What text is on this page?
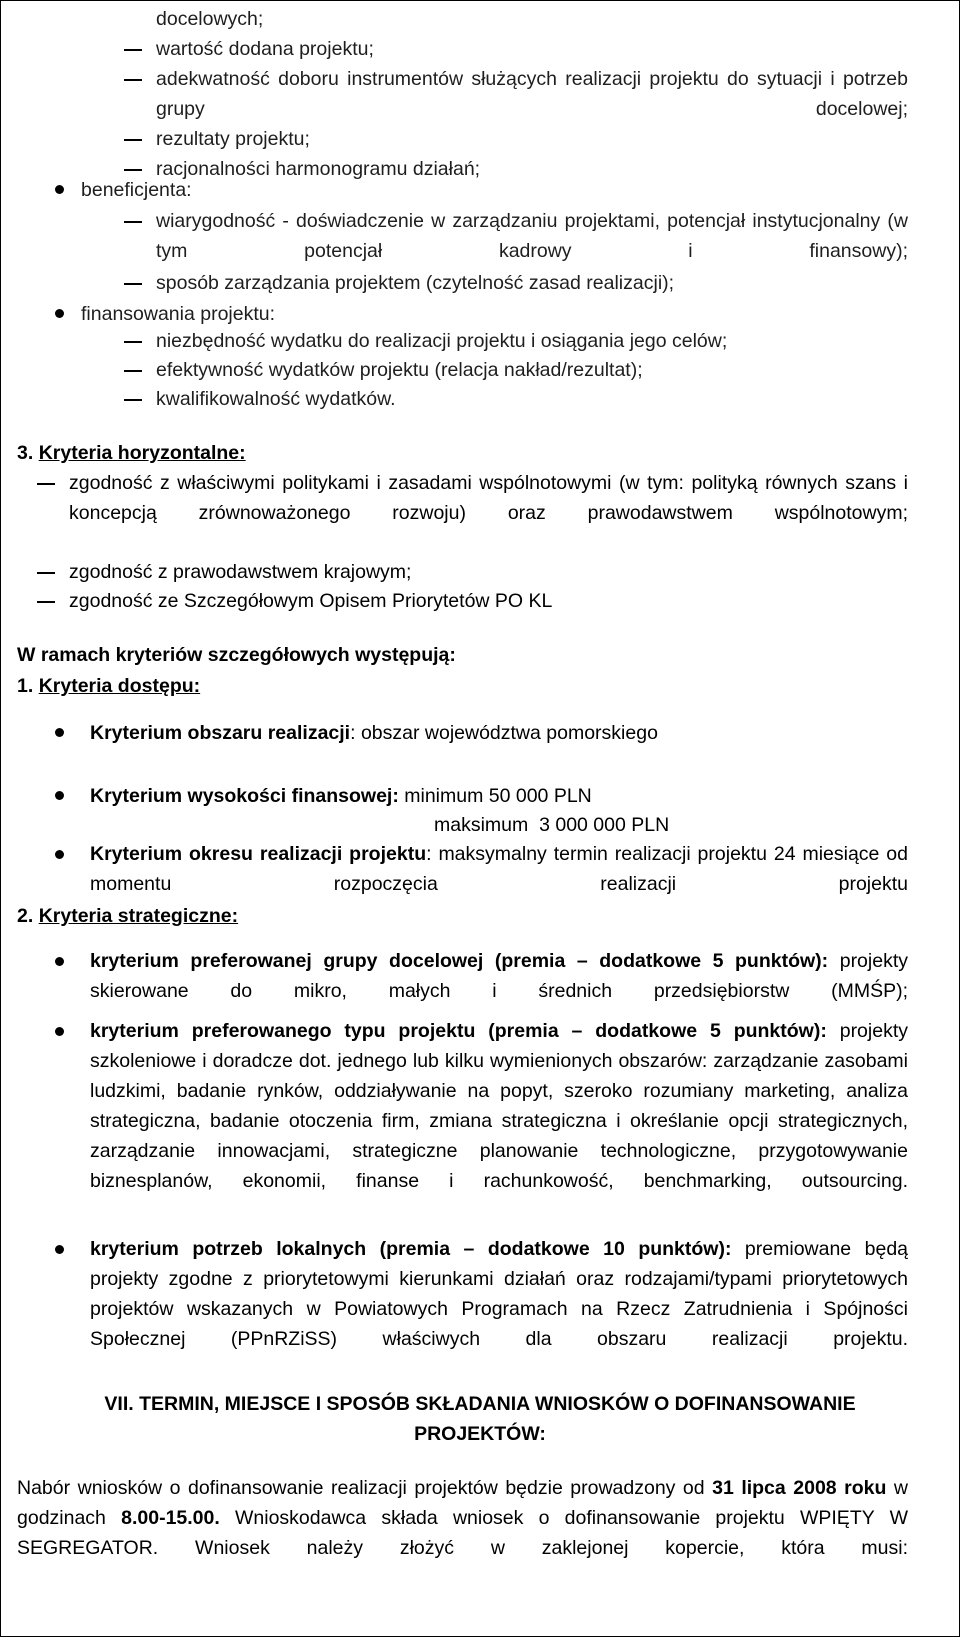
docelowych;
wartość dodana projektu;
adekwatność doboru instrumentów służących realizacji projektu do sytuacji i potrzeb grupy docelowej;
rezultaty projektu;
racjonalności harmonogramu działań;
beneficjenta:
wiarygodność - doświadczenie w zarządzaniu projektami, potencjał instytucjonalny (w tym potencjał kadrowy i finansowy);
sposób zarządzania projektem (czytelność zasad realizacji);
finansowania projektu:
niezbędność wydatku do realizacji projektu i osiągania jego celów;
efektywność wydatków projektu (relacja nakład/rezultat);
kwalifikowalność wydatków.
3. Kryteria horyzontalne:
zgodność z właściwymi politykami i zasadami wspólnotowymi (w tym: polityką równych szans i koncepcją zrównoważonego rozwoju) oraz prawodawstwem wspólnotowym;
zgodność z prawodawstwem krajowym;
zgodność ze Szczegółowym Opisem Priorytetów PO KL
W ramach kryteriów szczegółowych występują:
1. Kryteria dostępu:
Kryterium obszaru realizacji: obszar województwa pomorskiego
Kryterium wysokości finansowej: minimum 50 000 PLN
maksimum  3 000 000 PLN
Kryterium okresu realizacji projektu: maksymalny termin realizacji projektu 24 miesiące od momentu rozpoczęcia realizacji projektu
2. Kryteria strategiczne:
kryterium preferowanej grupy docelowej (premia – dodatkowe 5 punktów): projekty skierowane do mikro, małych i średnich przedsiębiorstw (MMŚP);
kryterium preferowanego typu projektu (premia – dodatkowe 5 punktów): projekty szkoleniowe i doradcze dot. jednego lub kilku wymienionych obszarów: zarządzanie zasobami ludzkimi, badanie rynków, oddziaływanie na popyt, szeroko rozumiany marketing, analiza strategiczna, badanie otoczenia firm, zmiana strategiczna i określanie opcji strategicznych, zarządzanie innowacjami, strategiczne planowanie technologiczne, przygotowywanie biznesplanów, ekonomii, finanse i rachunkowość, benchmarking, outsourcing.
kryterium potrzeb lokalnych (premia – dodatkowe 10 punktów): premiowane będą projekty zgodne z priorytetowymi kierunkami działań oraz rodzajami/typami priorytetowych projektów wskazanych w Powiatowych Programach na Rzecz Zatrudnienia i Spójności Społecznej (PPnRZiSS) właściwych dla obszaru realizacji projektu.
VII. TERMIN, MIEJSCE I SPOSÓB SKŁADANIA WNIOSKÓW O DOFINANSOWANIE
PROJEKTÓW:
Nabór wniosków o dofinansowanie realizacji projektów będzie prowadzony od 31 lipca 2008 roku w godzinach 8.00-15.00. Wnioskodawca składa wniosek o dofinansowanie projektu WPIĘTY W SEGREGATOR. Wniosek należy złożyć w zaklejonej kopercie, która musi:
